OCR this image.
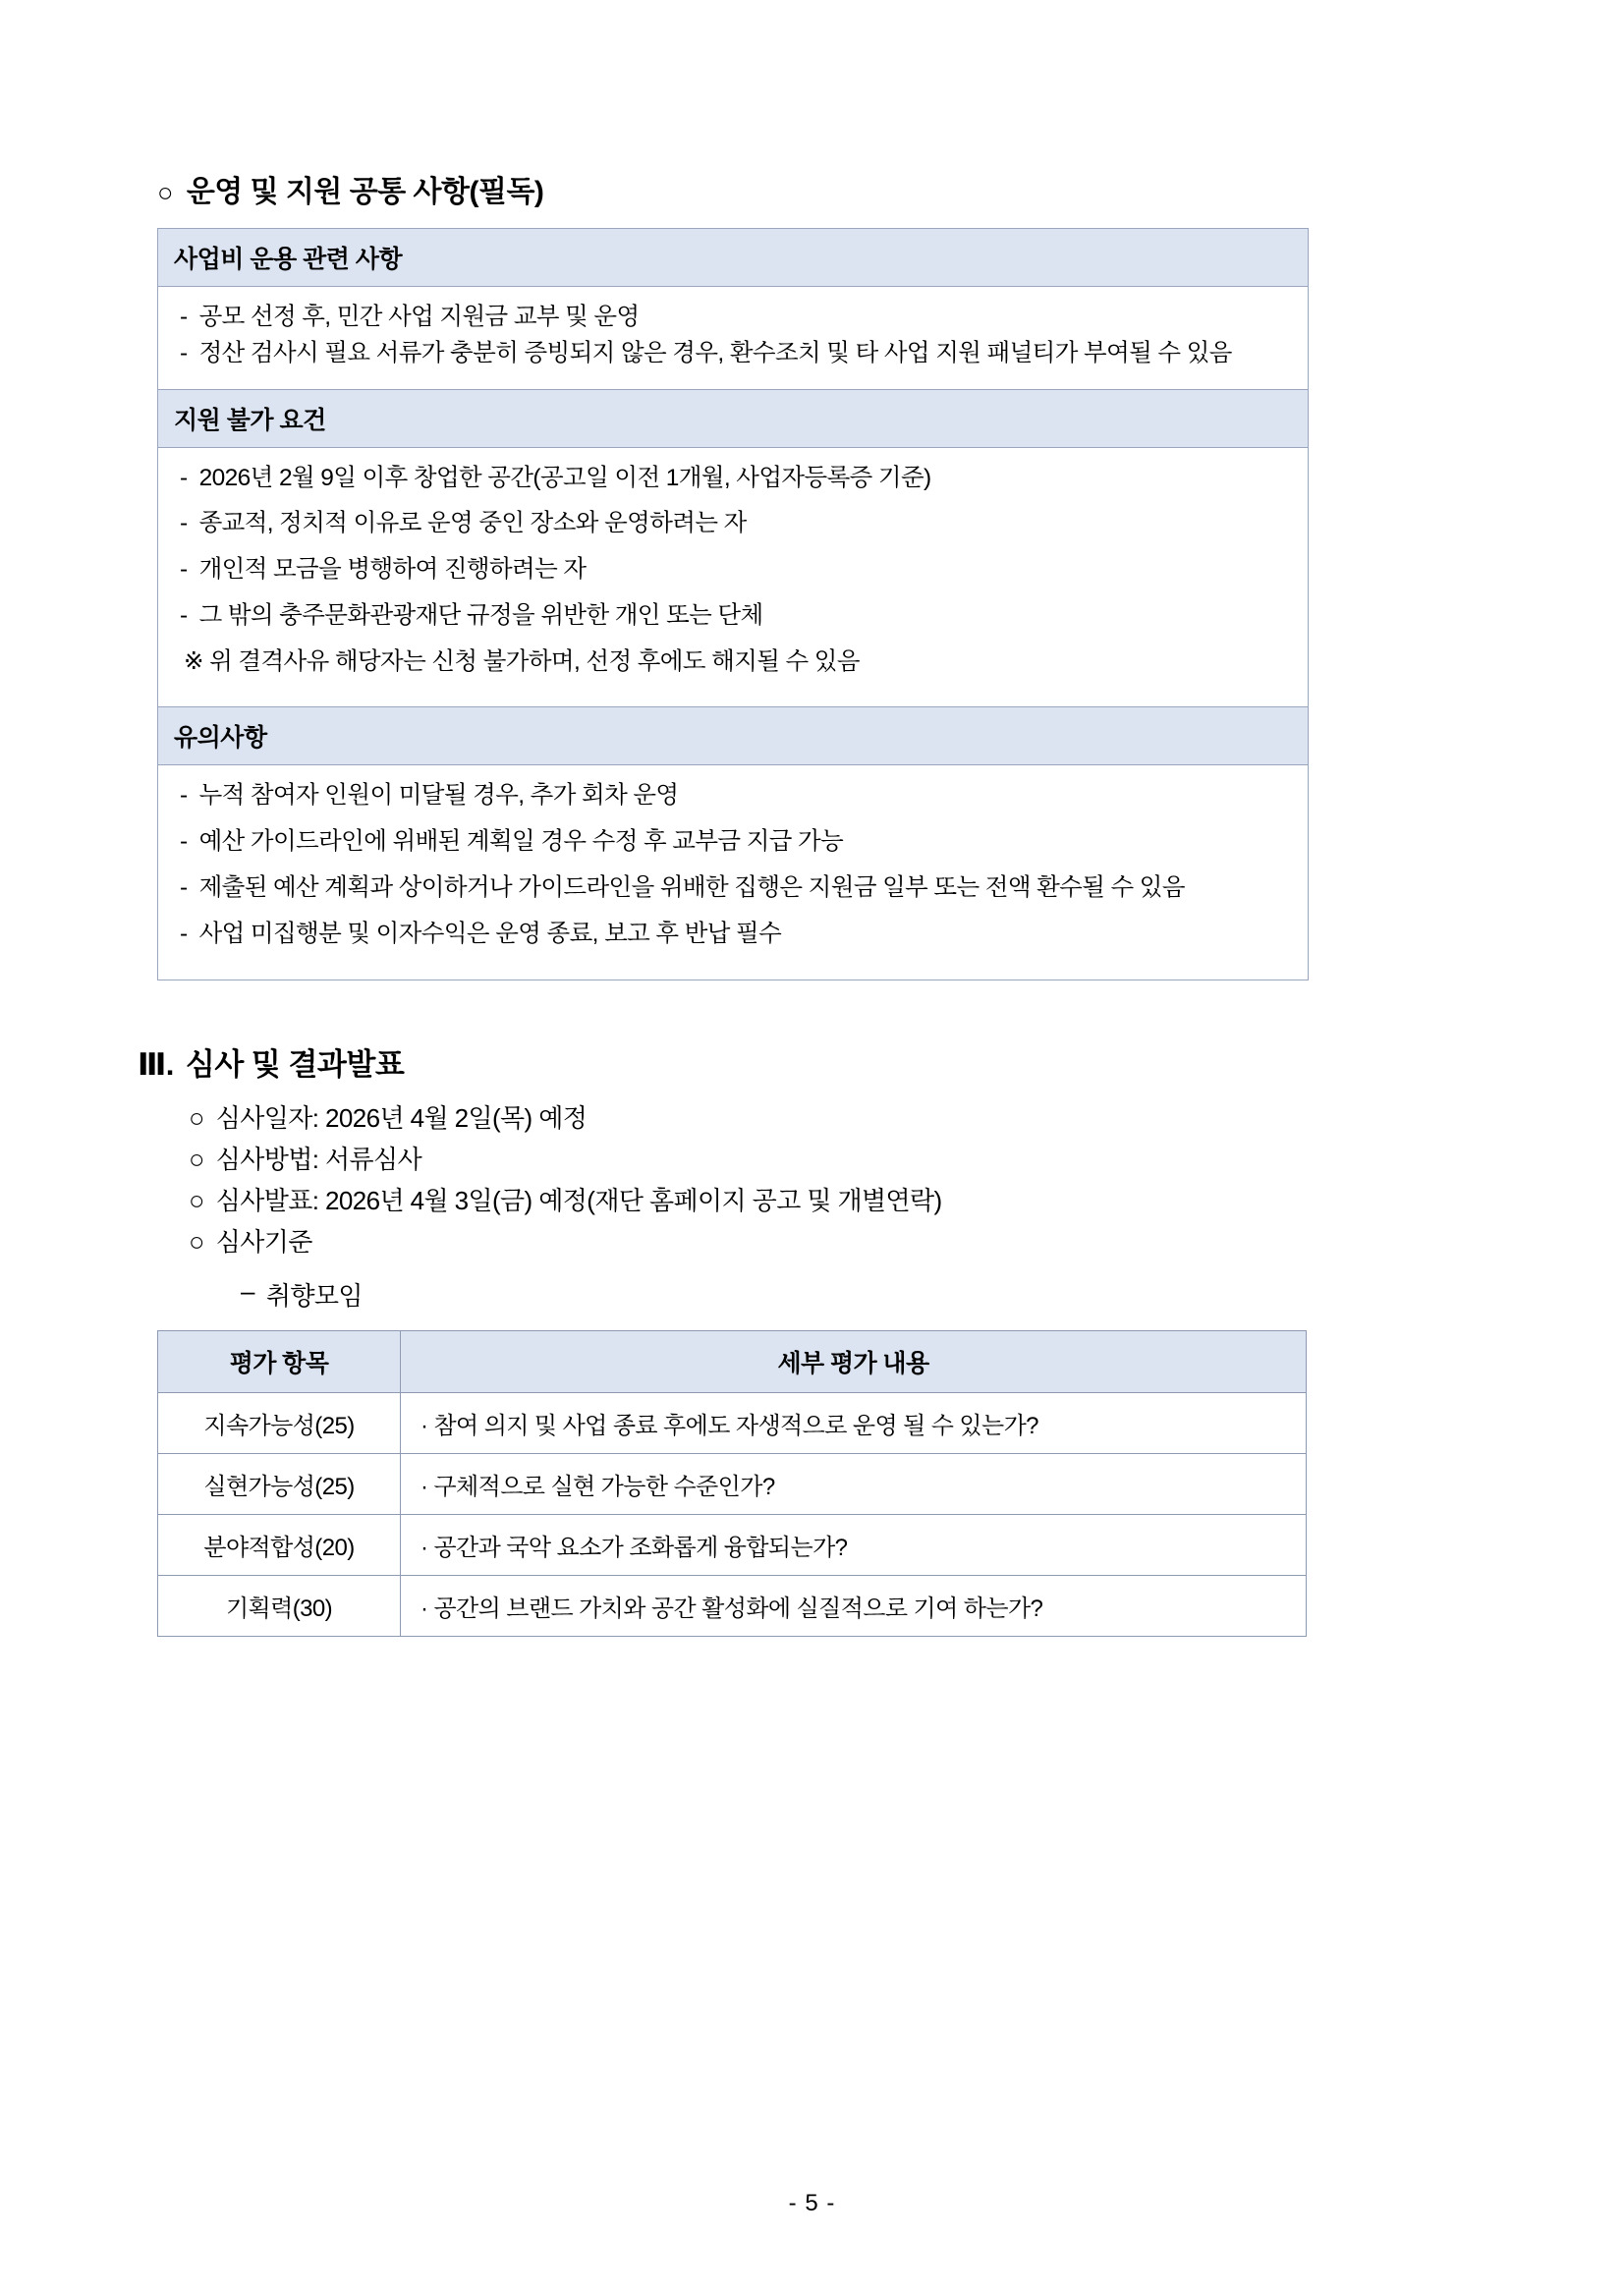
○ 운영 및 지원 공통 사항(필독)
사업비 운용 관련 사항
- 공모 선정 후, 민간 사업 지원금 교부 및 운영
- 정산 검사시 필요 서류가 충분히 증빙되지 않은 경우, 환수조치 및 타 사업 지원 패널티가 부여될 수 있음
지원 불가 요건
- 2026년 2월 9일 이후 창업한 공간(공고일 이전 1개월, 사업자등록증 기준)
- 종교적, 정치적 이유로 운영 중인 장소와 운영하려는 자
- 개인적 모금을 병행하여 진행하려는 자
- 그 밖의 충주문화관광재단 규정을 위반한 개인 또는 단체
※ 위 결격사유 해당자는 신청 불가하며, 선정 후에도 해지될 수 있음
유의사항
- 누적 참여자 인원이 미달될 경우, 추가 회차 운영
- 예산 가이드라인에 위배된 계획일 경우 수정 후 교부금 지급 가능
- 제출된 예산 계획과 상이하거나 가이드라인을 위배한 집행은 지원금 일부 또는 전액 환수될 수 있음
- 사업 미집행분 및 이자수익은 운영 종료, 보고 후 반납 필수
Ⅲ. 심사 및 결과발표
○ 심사일자: 2026년 4월 2일(목) 예정
○ 심사방법: 서류심사
○ 심사발표: 2026년 4월 3일(금) 예정(재단 홈페이지 공고 및 개별연락)
○ 심사기준
– 취향모임
평가 항목	세부 평가 내용
지속가능성(25)	· 참여 의지 및 사업 종료 후에도 자생적으로 운영 될 수 있는가?
실현가능성(25)	· 구체적으로 실현 가능한 수준인가?
분야적합성(20)	· 공간과 국악 요소가 조화롭게 융합되는가?
기획력(30)	· 공간의 브랜드 가치와 공간 활성화에 실질적으로 기여 하는가?
- 5 -
